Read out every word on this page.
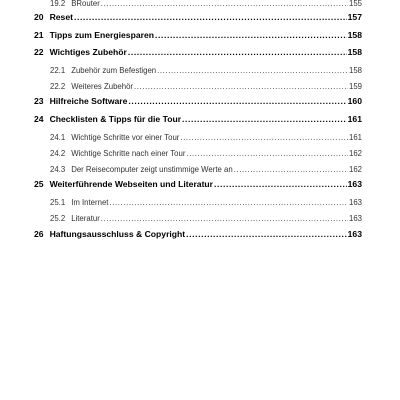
19.2 BRouter .....	155
20 Reset .....	157
21 Tipps zum Energiesparen .....	158
22 Wichtiges Zubehör .....	158
22.1 Zubehör zum Befestigen .....	158
22.2 Weiteres Zubehör .....	159
23 Hilfreiche Software .....	160
24 Checklisten & Tipps für die Tour .....	161
24.1 Wichtige Schritte vor einer Tour .....	161
24.2 Wichtige Schritte nach einer Tour .....	162
24.3 Der Reisecomputer zeigt unstimmige Werte an .....	162
25 Weiterführende Webseiten und Literatur .....	163
25.1 Im Internet .....	163
25.2 Literatur .....	163
26 Haftungsausschluss & Copyright .....	163
